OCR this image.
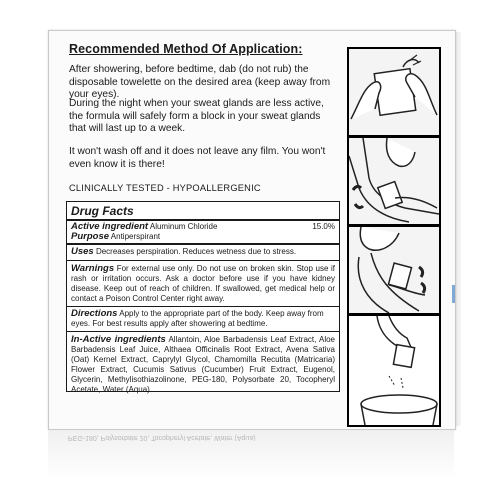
Recommended Method Of Application:
After showering, before bedtime, dab (do not rub) the disposable towelette on the desired area (keep away from your eyes).
During the night when your sweat glands are less active, the formula will safely form a block in your sweat glands that will last up to a week.
It won't wash off and it does not leave any film. You won't even know it is there!
CLINICALLY TESTED - HYPOALLERGENIC
Drug Facts
Active ingredient Aluminum Chloride	15.0%
Purpose Antiperspirant
Uses Decreases perspiration. Reduces wetness due to stress.
Warnings For external use only. Do not use on broken skin. Stop use if rash or irritation occurs. Ask a doctor before use if you have kidney disease. Keep out of reach of children. If swallowed, get medical help or contact a Poison Control Center right away.
Directions Apply to the appropriate part of the body. Keep away from eyes. For best results apply after showering at bedtime.
In-Active ingredients Allantoin, Aloe Barbadensis Leaf Extract, Aloe Barbadensis Leaf Juice, Althaea Officinalis Root Extract, Avena Sativa (Oat) Kernel Extract, Caprylyl Glycol, Chamomilla Recutita (Matricaria) Flower Extract, Cucumis Sativus (Cucumber) Fruit Extract, Eugenol, Glycerin, Methylisothiazolinone, PEG-180, Polysorbate 20, Tocopheryl Acetate, Water (Aqua)
PEG-180, Polysorbate 20, Tocopheryl Acetate, Water (Aqua)
